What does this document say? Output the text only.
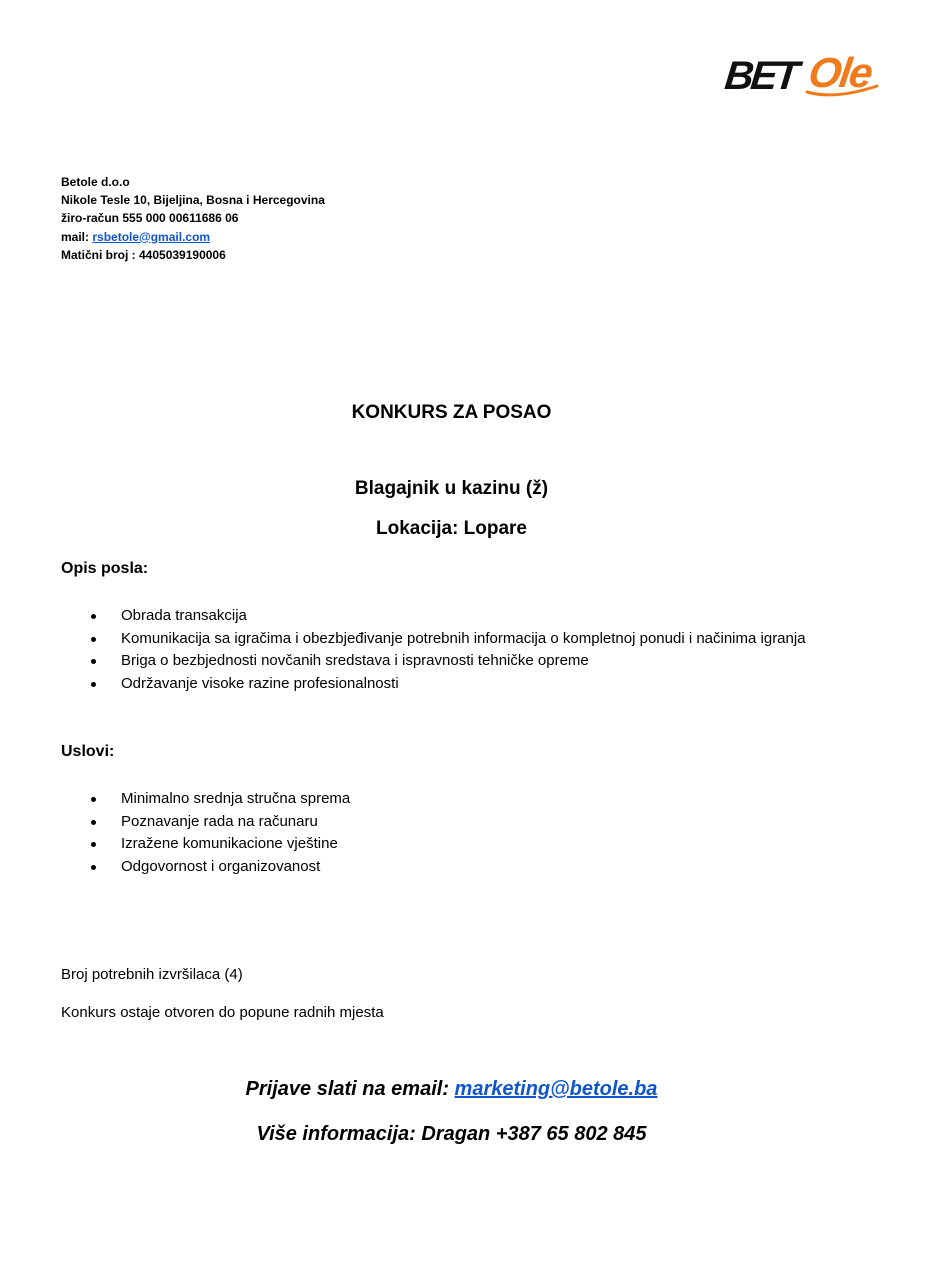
BET Ole
Betole d.o.o
Nikole Tesle 10, Bijeljina, Bosna i Hercegovina
žiro-račun 555 000 00611686 06
mail: rsbetole@gmail.com
Matični broj : 4405039190006
KONKURS ZA POSAO
Blagajnik u kazinu (ž)
Lokacija: Lopare
Opis posla:
Obrada transakcija
Komunikacija sa igračima i obezbjeđivanje potrebnih informacija o kompletnoj ponudi i načinima igranja
Briga o bezbjednosti novčanih sredstava i ispravnosti tehničke opreme
Održavanje visoke razine profesionalnosti
Uslovi:
Minimalno srednja stručna sprema
Poznavanje rada na računaru
Izražene komunikacione vještine
Odgovornost i organizovanost
Broj potrebnih izvršilaca (4)
Konkurs ostaje otvoren do popune radnih mjesta
Prijave slati na email: marketing@betole.ba
Više informacija: Dragan +387 65 802 845
